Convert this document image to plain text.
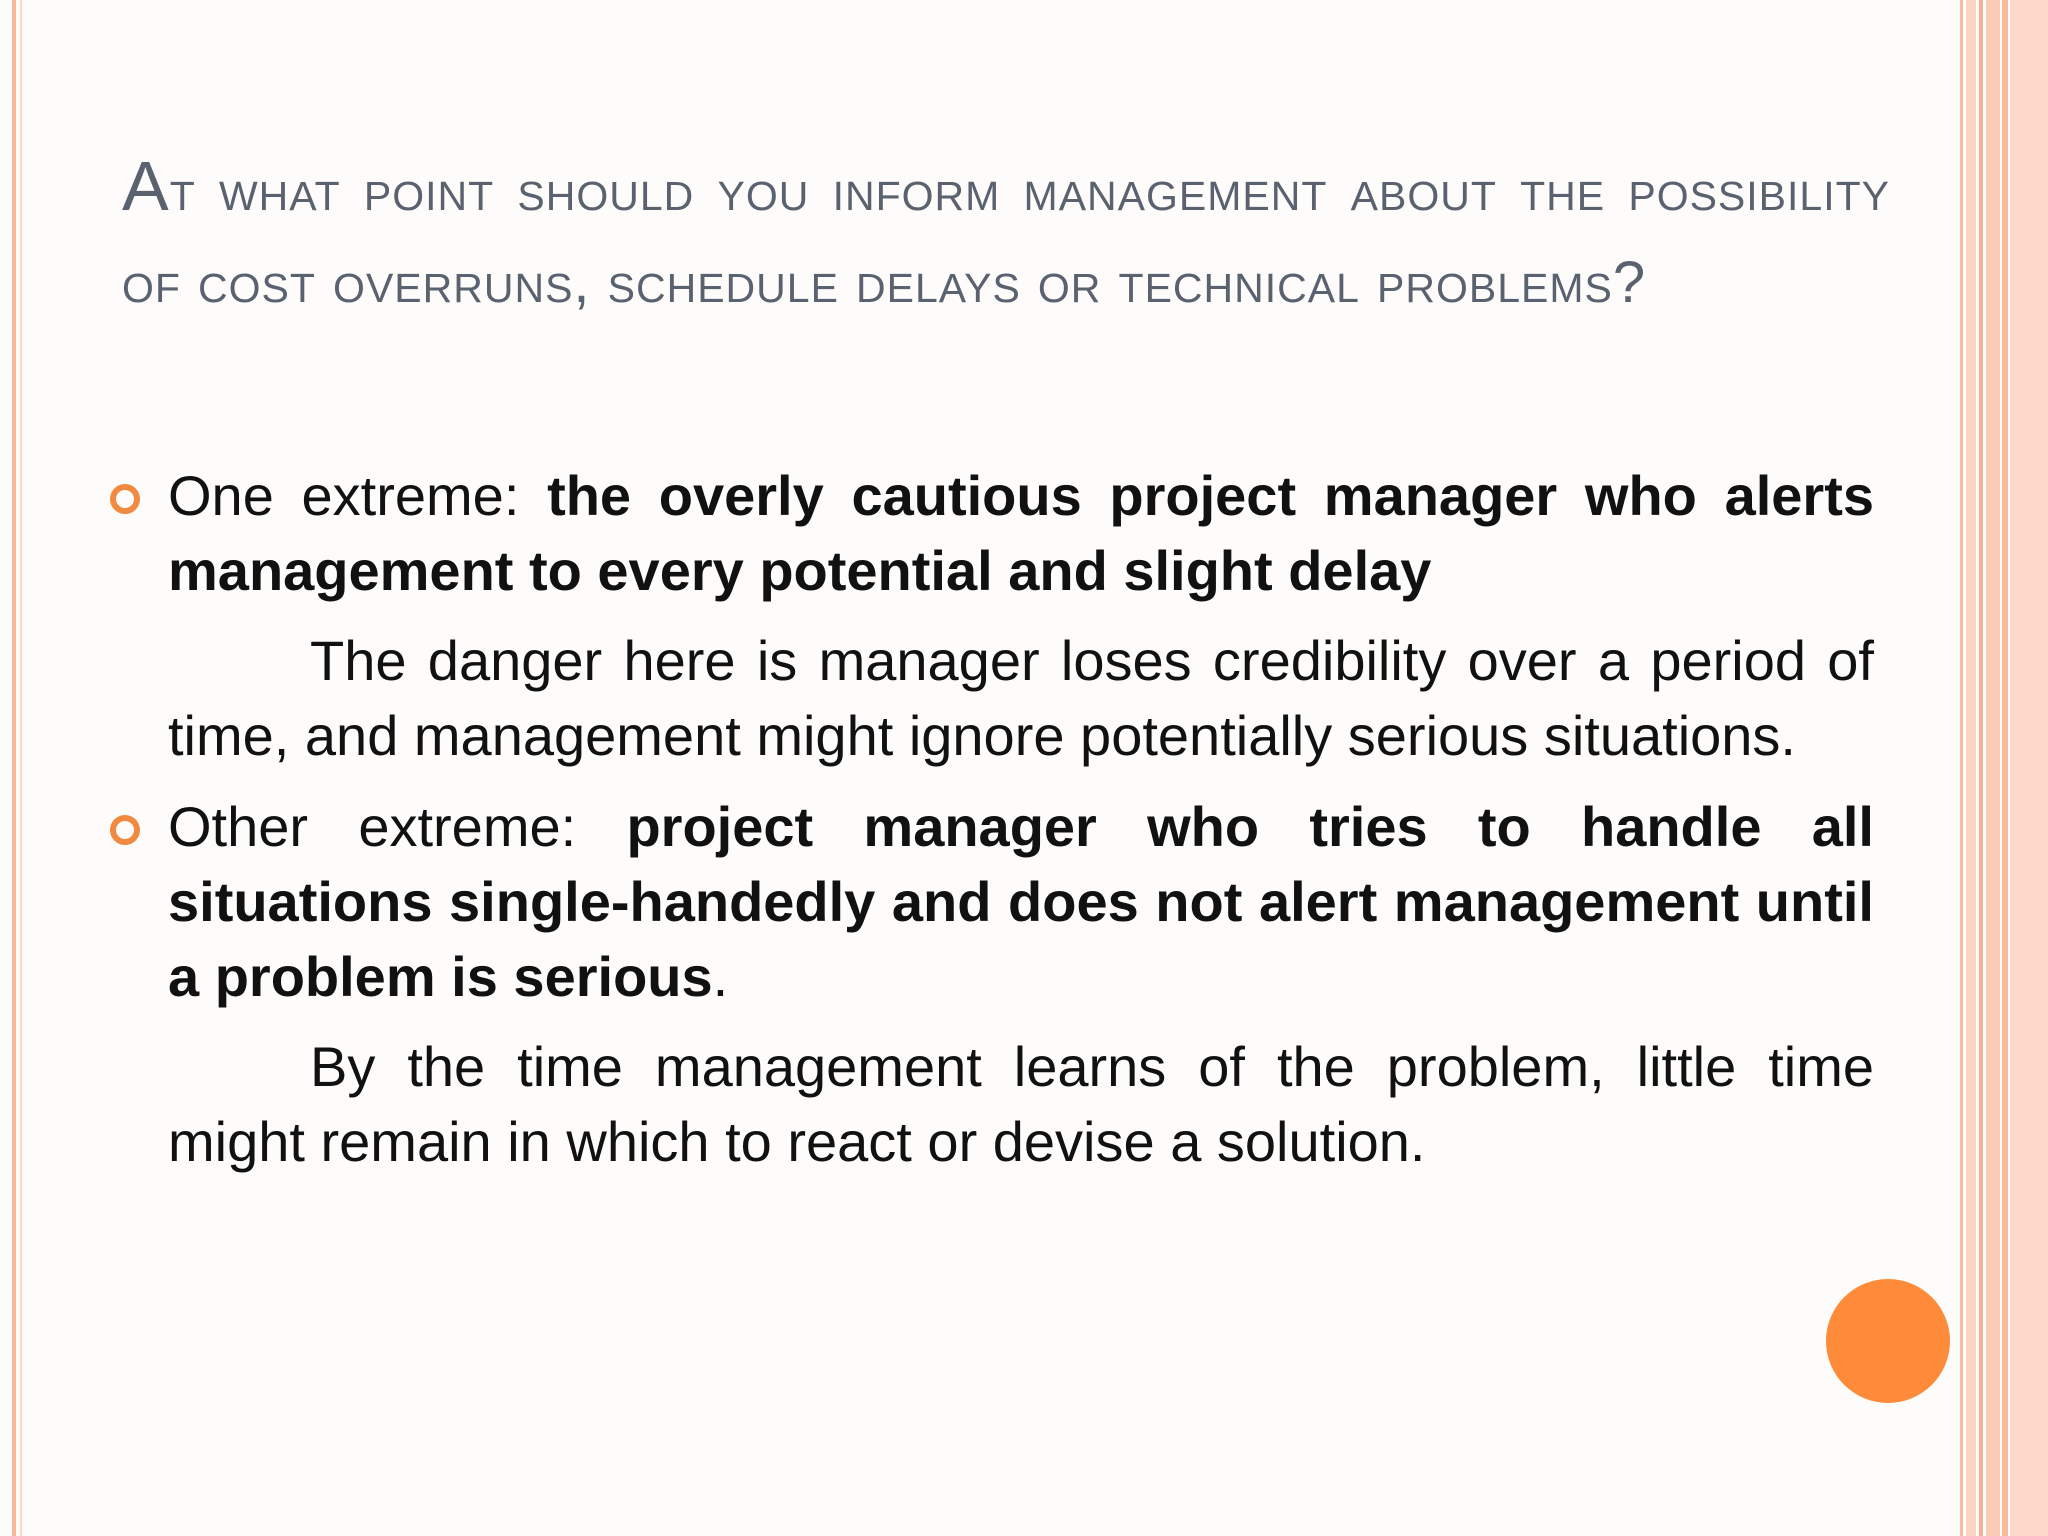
At what point should you inform management about the possibility of cost overruns, schedule delays or technical problems?
One extreme: the overly cautious project manager who alerts management to every potential and slight delay

The danger here is manager loses credibility over a period of time, and management might ignore potentially serious situations.

Other extreme: project manager who tries to handle all situations single-handedly and does not alert management until a problem is serious.

By the time management learns of the problem, little time might remain in which to react or devise a solution.
